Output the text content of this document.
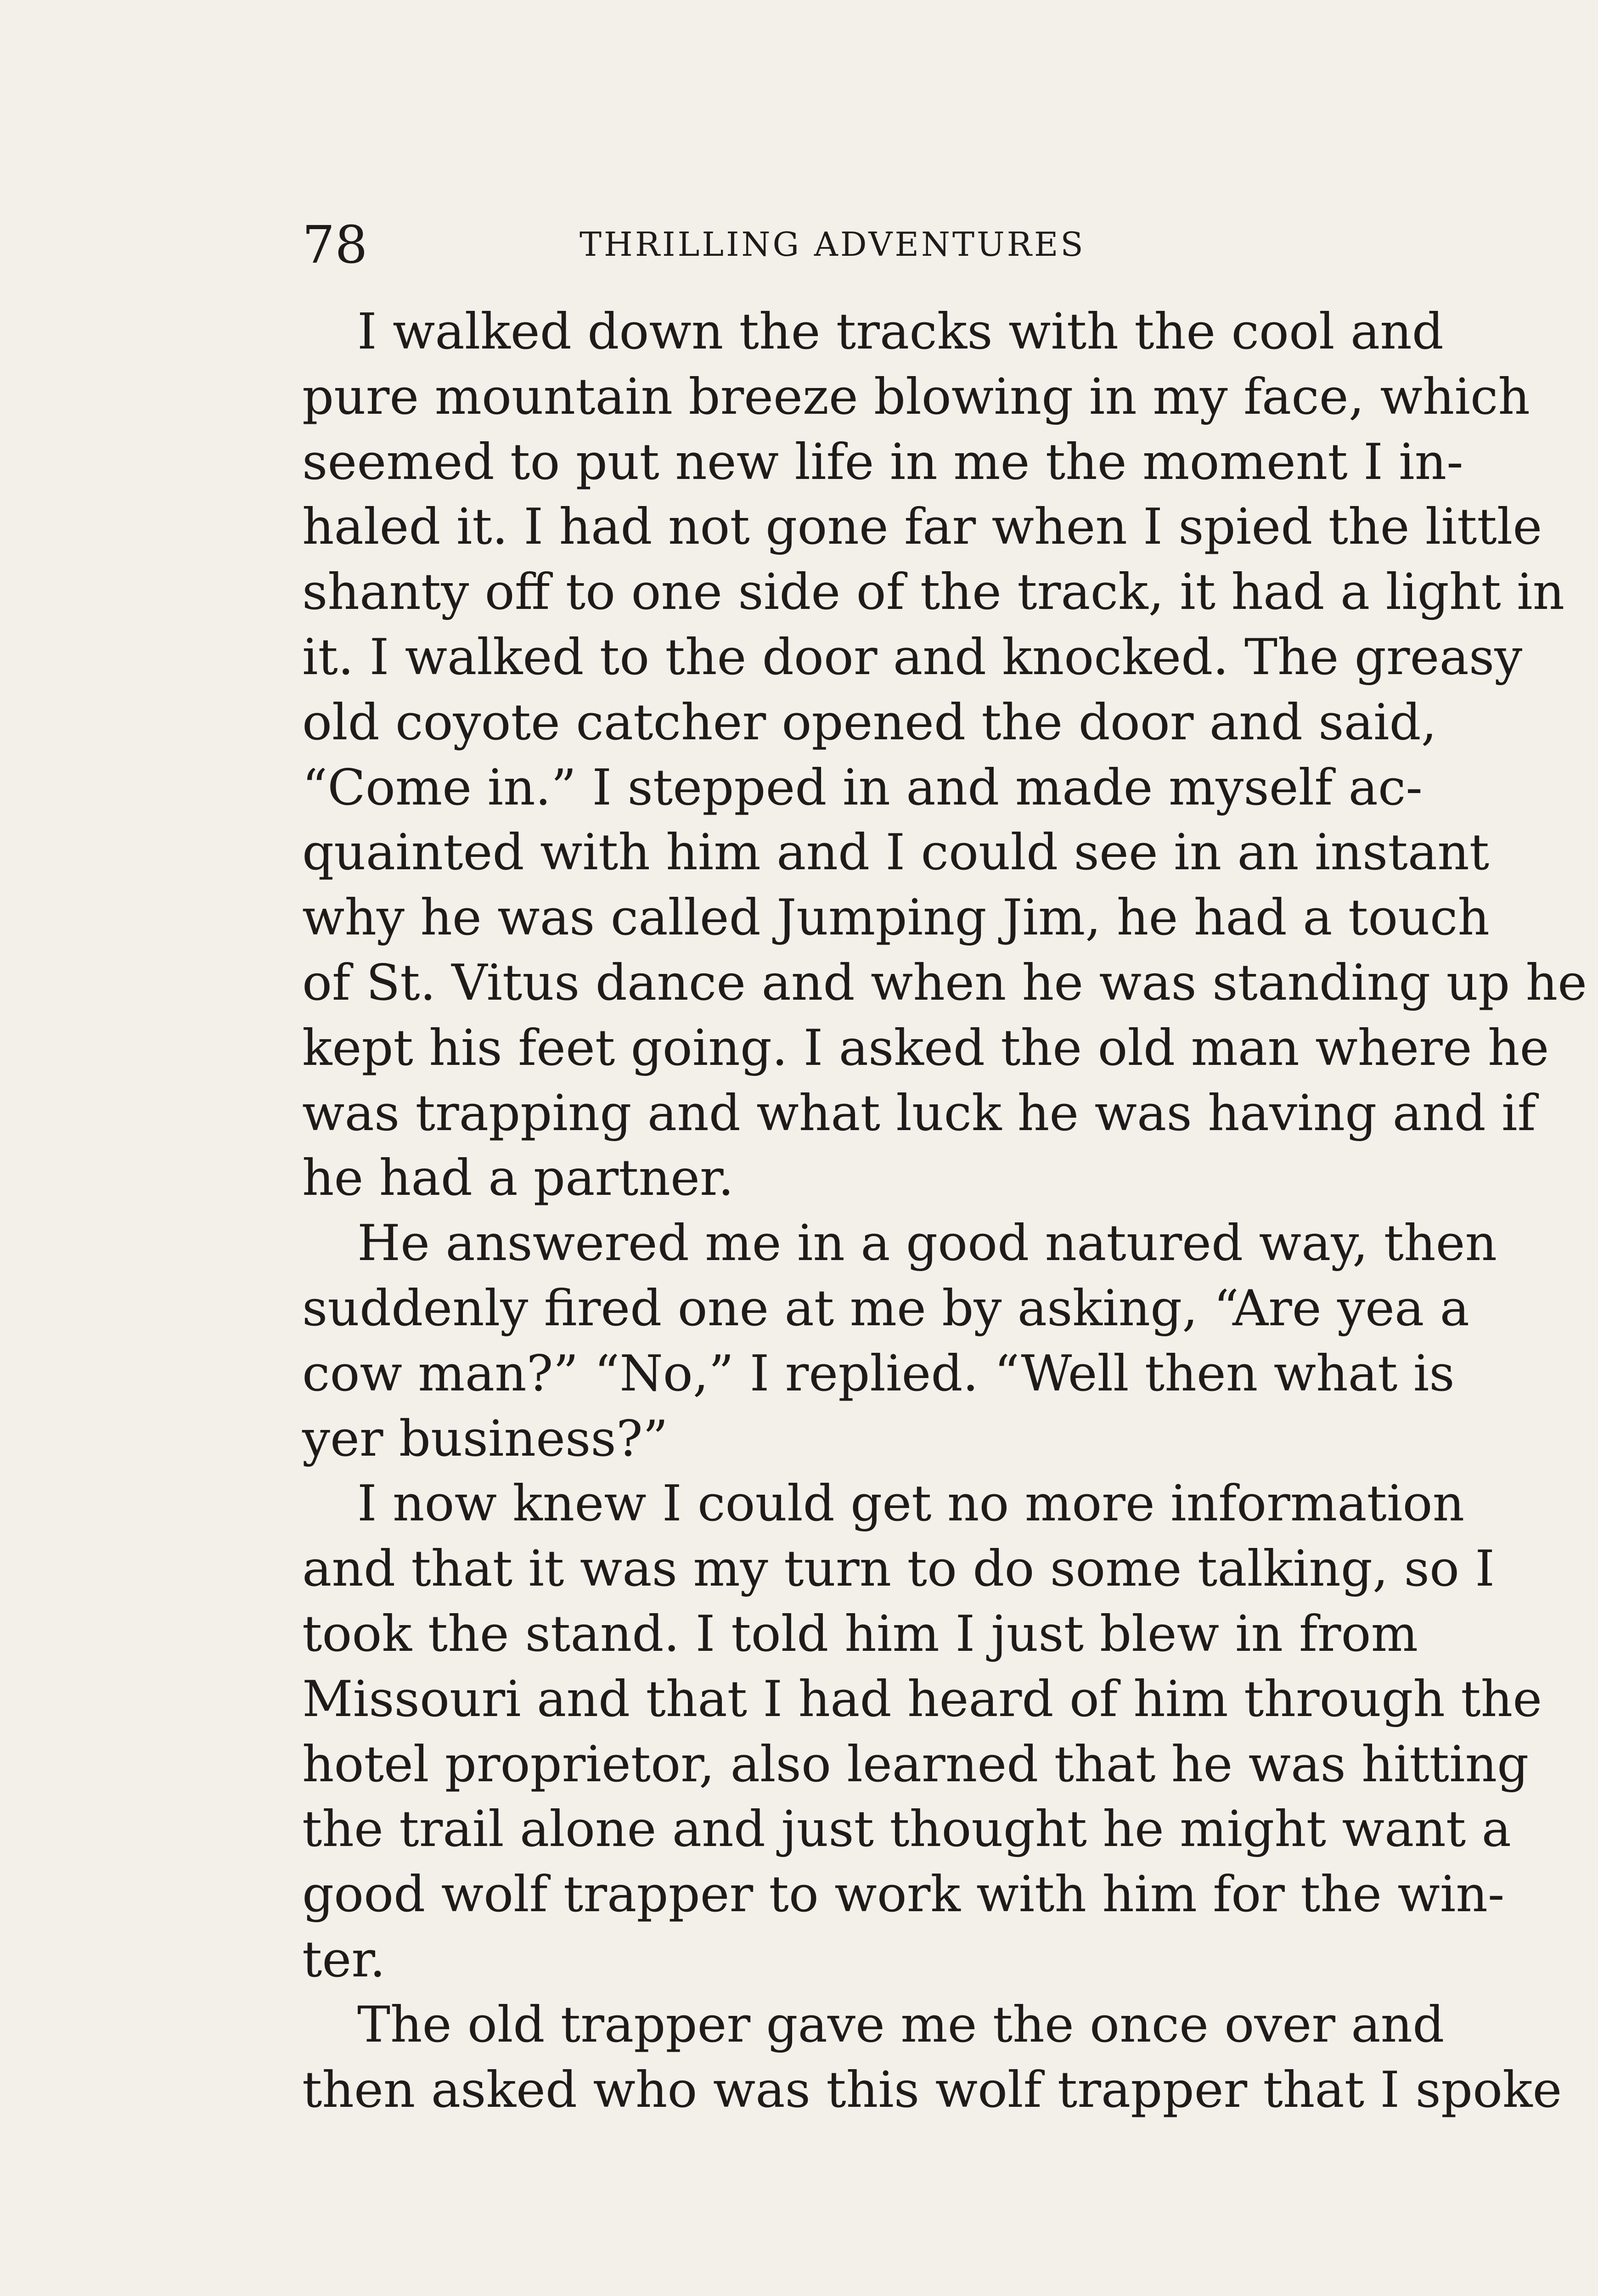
78	THRILLING ADVENTURES
I walked down the tracks with the cool and
pure mountain breeze blowing in my face, which
seemed to put new life in me the moment I in-
haled it. I had not gone far when I spied the little
shanty off to one side of the track, it had a light in
it. I walked to the door and knocked. The greasy
old coyote catcher opened the door and said,
“Come in.” I stepped in and made myself ac-
quainted with him and I could see in an instant
why he was called Jumping Jim, he had a touch
of St. Vitus dance and when he was standing up he
kept his feet going. I asked the old man where he
was trapping and what luck he was having and if
he had a partner.
He answered me in a good natured way, then
suddenly fired one at me by asking, “Are yea a
cow man?” “No,” I replied. “Well then what is
yer business?”
I now knew I could get no more information
and that it was my turn to do some talking, so I
took the stand. I told him I just blew in from
Missouri and that I had heard of him through the
hotel proprietor, also learned that he was hitting
the trail alone and just thought he might want a
good wolf trapper to work with him for the win-
ter.
The old trapper gave me the once over and
then asked who was this wolf trapper that I spoke
